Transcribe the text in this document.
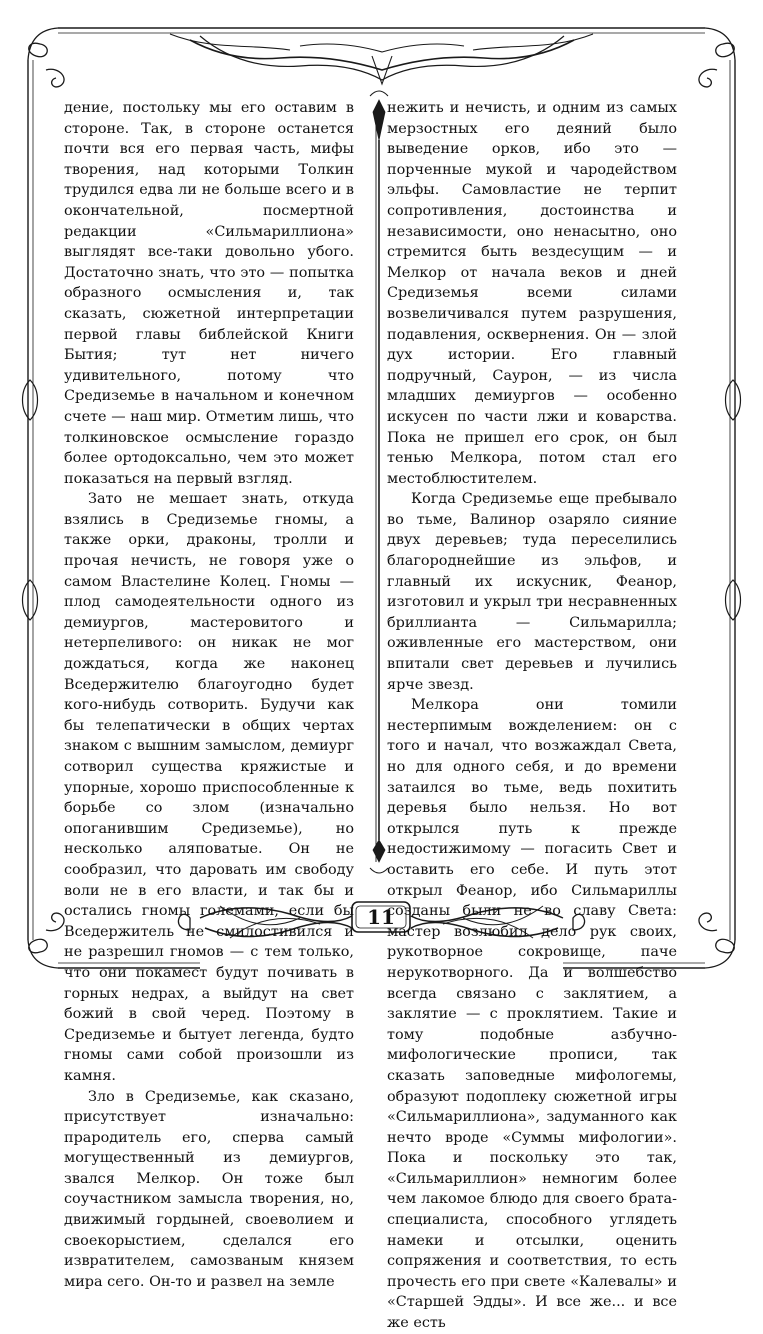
11

дение, постольку мы его оставим в стороне. Так, в стороне останется почти вся его первая часть, мифы творения, над которыми Толкин трудился едва ли не больше всего и в окончательной, посмертной редакции «Сильмариллиона» выглядят все-таки довольно убого. Достаточно знать, что это — попытка образного осмысления и, так сказать, сюжетной интерпретации первой главы библейской Книги Бытия; тут нет ничего удивительного, потому что Средиземье в начальном и конечном счете — наш мир. Отметим лишь, что толкиновское осмысление гораздо более ортодоксально, чем это может показаться на первый взгляд.

Зато не мешает знать, откуда взялись в Средиземье гномы, а также орки, драконы, тролли и прочая нечисть, не говоря уже о самом Властелине Колец. Гномы — плод самодеятельности одного из демиургов, мастеровитого и нетерпеливого: он никак не мог дождаться, когда же наконец Вседержителю благоугодно будет кого-нибудь сотворить. Будучи как бы телепатически в общих чертах знаком с вышним замыслом, демиург сотворил существа кряжистые и упорные, хорошо приспособленные к борьбе со злом (изначально опоганившим Средиземье), но несколько аляповатые. Он не сообразил, что даровать им свободу воли не в его власти, и так бы и остались гномы големами, если бы Вседержитель не смилостивился и не разрешил гномов — с тем только, что они покамест будут почивать в горных недрах, а выйдут на свет божий в свой черед. Поэтому в Средиземье и бытует легенда, будто гномы сами собой произошли из камня.

Зло в Средиземье, как сказано, присутствует изначально: прародитель его, сперва самый могущественный из демиургов, звался Мелкор. Он тоже был соучастником замысла творения, но, движимый гордыней, своеволием и своекорыстием, сделался его извратителем, самозваным князем мира сего. Он-то и развел на земле

нежить и нечисть, и одним из самых мерзостных его деяний было выведение орков, ибо это — порченные мукой и чародейством эльфы. Самовластие не терпит сопротивления, достоинства и независимости, оно ненасытно, оно стремится быть вездесущим — и Мелкор от начала веков и дней Средиземья всеми силами возвеличивался путем разрушения, подавления, осквернения. Он — злой дух истории. Его главный подручный, Саурон, — из числа младших демиургов — особенно искусен по части лжи и коварства. Пока не пришел его срок, он был тенью Мелкора, потом стал его местоблюстителем.

Когда Средиземье еще пребывало во тьме, Валинор озаряло сияние двух деревьев; туда переселились благороднейшие из эльфов, и главный их искусник, Феанор, изготовил и укрыл три несравненных бриллианта — Сильмарилла; оживленные его мастерством, они впитали свет деревьев и лучились ярче звезд.

Мелкора они томили нестерпимым вожделением: он с того и начал, что возжаждал Света, но для одного себя, и до времени затаился во тьме, ведь похитить деревья было нельзя. Но вот открылся путь к прежде недостижимому — погасить Свет и оставить его себе. И путь этот открыл Феанор, ибо Сильмариллы созданы были не во славу Света: мастер возлюбил дело рук своих, рукотворное сокровище, паче нерукотворного. Да и волшебство всегда связано с заклятием, а заклятие — с проклятием. Такие и тому подобные азбучно-мифологические прописи, так сказать заповедные мифологемы, образуют подоплеку сюжетной игры «Сильмариллиона», задуманного как нечто вроде «Суммы мифологии». Пока и поскольку это так, «Сильмариллион» немногим более чем лакомое блюдо для своего брата-специалиста, способного углядеть намеки и отсылки, оценить сопряжения и соответствия, то есть прочесть его при свете «Калевалы» и «Старшей Эдды». И все же... и все же есть
